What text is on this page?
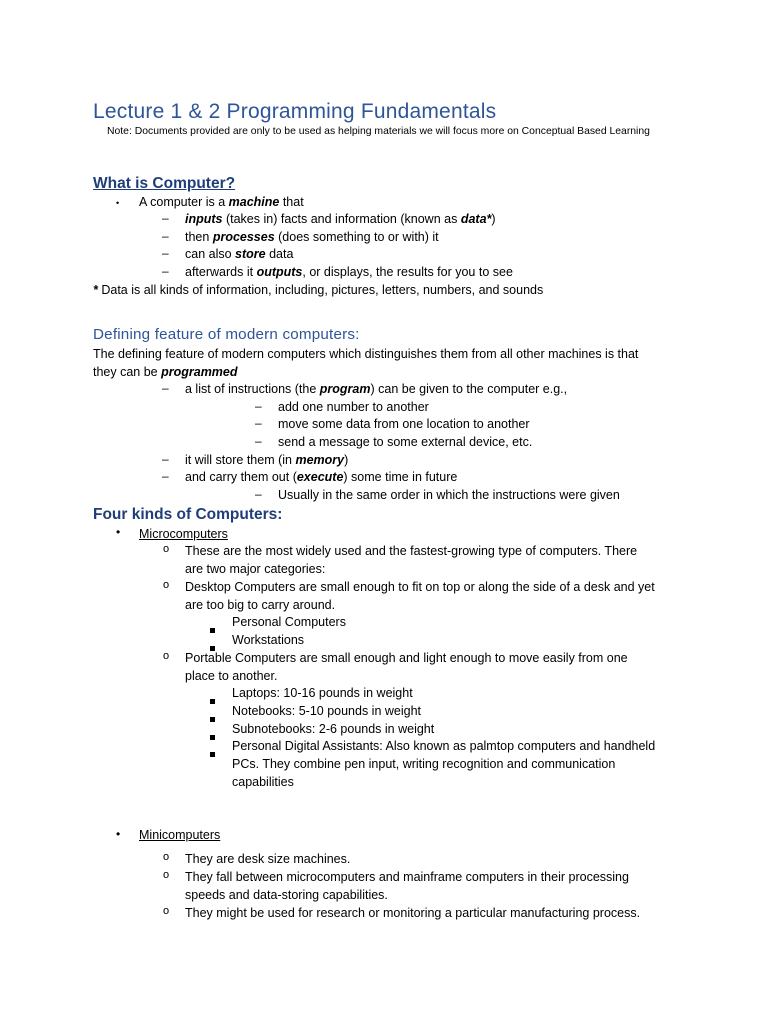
Lecture 1 & 2 Programming Fundamentals
Note: Documents provided are only to be used as helping materials we will focus more on Conceptual Based Learning
What is Computer?
• A computer is a machine that
– inputs (takes in) facts and information (known as data*)
– then processes (does something to or with) it
– can also store data
– afterwards it outputs, or displays, the results for you to see
* Data is all kinds of information, including, pictures, letters, numbers, and sounds
Defining feature of modern computers:
The defining feature of modern computers which distinguishes them from all other machines is that
they can be programmed
– a list of instructions (the program) can be given to the computer e.g.,
– add one number to another
– move some data from one location to another
– send a message to some external device, etc.
– it will store them (in memory)
– and carry them out (execute) some time in future
– Usually in the same order in which the instructions were given
Four kinds of Computers:
• Microcomputers
o These are the most widely used and the fastest-growing type of computers. There
are two major categories:
o Desktop Computers are small enough to fit on top or along the side of a desk and yet
are too big to carry around.
Personal Computers
Workstations
o Portable Computers are small enough and light enough to move easily from one
place to another.
Laptops: 10-16 pounds in weight
Notebooks: 5-10 pounds in weight
Subnotebooks: 2-6 pounds in weight
Personal Digital Assistants: Also known as palmtop computers and handheld
PCs. They combine pen input, writing recognition and communication
capabilities
• Minicomputers
o They are desk size machines.
o They fall between microcomputers and mainframe computers in their processing
speeds and data-storing capabilities.
o They might be used for research or monitoring a particular manufacturing process.
